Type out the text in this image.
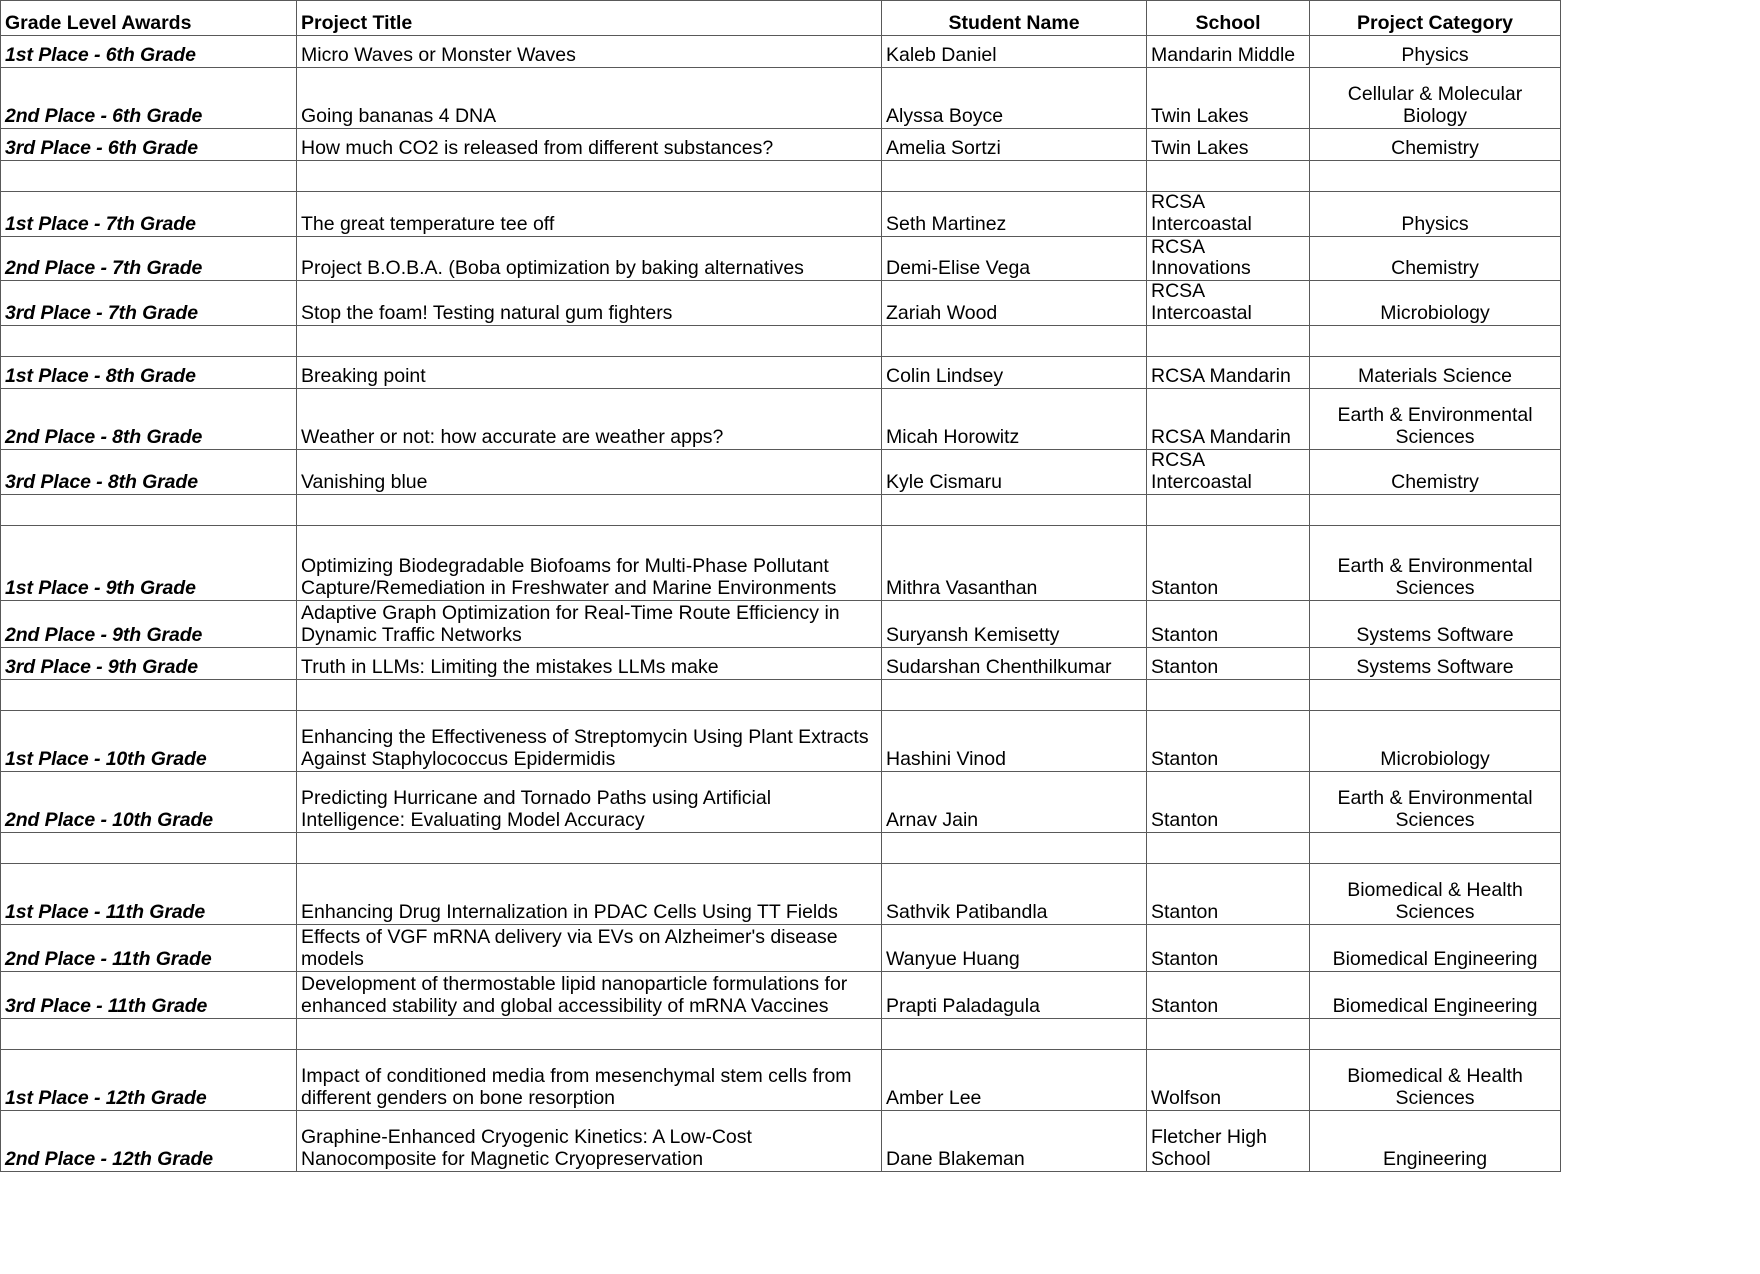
Grade Level Awards	Project Title	Student Name	School	Project Category
1st Place - 6th Grade	Micro Waves or Monster Waves	Kaleb Daniel	Mandarin Middle	Physics
2nd Place - 6th Grade	Going bananas 4 DNA	Alyssa Boyce	Twin Lakes	Cellular & Molecular Biology
3rd Place - 6th Grade	How much CO2 is released from different substances?	Amelia Sortzi	Twin Lakes	Chemistry

1st Place - 7th Grade	The great temperature tee off	Seth Martinez	RCSA Intercoastal	Physics
2nd Place - 7th Grade	Project B.O.B.A. (Boba optimization by baking alternatives	Demi-Elise Vega	RCSA Innovations	Chemistry
3rd Place - 7th Grade	Stop the foam! Testing natural gum fighters	Zariah Wood	RCSA Intercoastal	Microbiology

1st Place - 8th Grade	Breaking point	Colin Lindsey	RCSA Mandarin	Materials Science
2nd Place - 8th Grade	Weather or not: how accurate are weather apps?	Micah Horowitz	RCSA Mandarin	Earth & Environmental Sciences
3rd Place - 8th Grade	Vanishing blue	Kyle Cismaru	RCSA Intercoastal	Chemistry

1st Place - 9th Grade	Optimizing Biodegradable Biofoams for Multi-Phase Pollutant Capture/Remediation in Freshwater and Marine Environments	Mithra Vasanthan	Stanton	Earth & Environmental Sciences
2nd Place - 9th Grade	Adaptive Graph Optimization for Real-Time Route Efficiency in Dynamic Traffic Networks	Suryansh Kemisetty	Stanton	Systems Software
3rd Place - 9th Grade	Truth in LLMs: Limiting the mistakes LLMs make	Sudarshan Chenthilkumar	Stanton	Systems Software

1st Place - 10th Grade	Enhancing the Effectiveness of Streptomycin Using Plant Extracts Against Staphylococcus Epidermidis	Hashini Vinod	Stanton	Microbiology
2nd Place - 10th Grade	Predicting Hurricane and Tornado Paths using Artificial Intelligence: Evaluating Model Accuracy	Arnav Jain	Stanton	Earth & Environmental Sciences

1st Place - 11th Grade	Enhancing Drug Internalization in PDAC Cells Using TT Fields	Sathvik Patibandla	Stanton	Biomedical & Health Sciences
2nd Place - 11th Grade	Effects of VGF mRNA delivery via EVs on Alzheimer's disease models	Wanyue Huang	Stanton	Biomedical Engineering
3rd Place - 11th Grade	Development of thermostable lipid nanoparticle formulations for enhanced stability and global accessibility of mRNA Vaccines	Prapti Paladagula	Stanton	Biomedical Engineering

1st Place - 12th Grade	Impact of conditioned media from mesenchymal stem cells from different genders on bone resorption	Amber Lee	Wolfson	Biomedical & Health Sciences
2nd Place - 12th Grade	Graphine-Enhanced Cryogenic Kinetics: A Low-Cost Nanocomposite for Magnetic Cryopreservation	Dane Blakeman	Fletcher High School	Engineering
